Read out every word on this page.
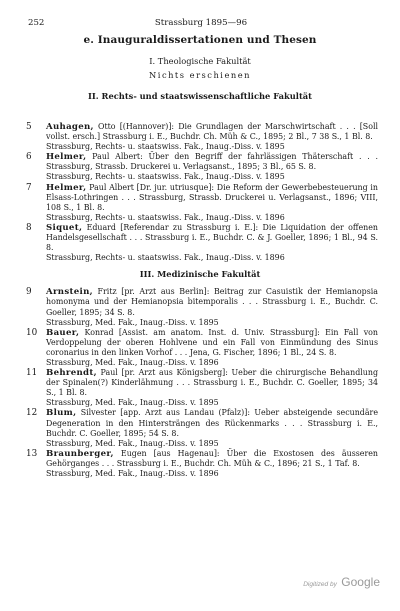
252	Strassburg 1895—96
e. Inauguraldissertationen und Thesen
I. Theologische Fakultät
Nichts erschienen
II. Rechts- und staatswissenschaftliche Fakultät
5 Auhagen, Otto [(Hannover)]: Die Grundlagen der Marschwirtschaft . . . [Soll vollst. ersch.] Strassburg i. E., Buchdr. Ch. Müh & C., 1895; 2 Bl., 7 38 S., 1 Bl. 8.
Strassburg, Rechts- u. staatswiss. Fak., Inaug.-Diss. v. 1895
6 Helmer, Paul Albert: Über den Begriff der fahrlässigen Thäterschaft . . . Strassburg, Strassb. Druckerei u. Verlagsanst., 1895; 3 Bl., 65 S. 8.
Strassburg, Rechts- u. staatswiss. Fak., Inaug.-Diss. v. 1895
7 Helmer, Paul Albert [Dr. jur. utriusque]: Die Reform der Gewerbebesteuerung in Elsass-Lothringen . . . Strassburg, Strassb. Druckerei u. Verlagsanst., 1896; VIII, 108 S., 1 Bl. 8.
Strassburg, Rechts- u. staatswiss. Fak., Inaug.-Diss. v. 1896
8 Siquet, Eduard [Referendar zu Strassburg i. E.]: Die Liquidation der offenen Handelsgesellschaft . . . Strassburg i. E., Buchdr. C. & J. Goeller, 1896; 1 Bl., 94 S. 8.
Strassburg, Rechts- u. staatswiss. Fak., Inaug.-Diss. v. 1896
III. Medizinische Fakultät
9 Arnstein, Fritz [pr. Arzt aus Berlin]: Beitrag zur Casuistik der Hemianopsia homonyma und der Hemianopsia bitemporalis . . . Strassburg i. E., Buchdr. C. Goeller, 1895; 34 S. 8.
Strassburg, Med. Fak., Inaug.-Diss. v. 1895
10 Bauer, Konrad [Assist. am anatom. Inst. d. Univ. Strassburg]: Ein Fall von Verdoppelung der oberen Hohlvene und ein Fall von Einmündung des Sinus coronarius in den linken Vorhof . . . Jena, G. Fischer, 1896; 1 Bl., 24 S. 8.
Strassburg, Med. Fak., Inaug.-Diss. v. 1896
11 Behrendt, Paul [pr. Arzt aus Königsberg]: Ueber die chirurgische Behandlung der Spinalen(?) Kinderlähmung . . . Strassburg i. E., Buchdr. C. Goeller, 1895; 34 S., 1 Bl. 8.
Strassburg, Med. Fak., Inaug.-Diss. v. 1895
12 Blum, Silvester [app. Arzt aus Landau (Pfalz)]: Ueber absteigende secundäre Degeneration in den Hintersträngen des Rückenmarks . . . Strassburg i. E., Buchdr. C. Goeller, 1895; 54 S. 8.
Strassburg, Med. Fak., Inaug.-Diss. v. 1895
13 Braunberger, Eugen [aus Hagenau]: Über die Exostosen des äusseren Gehörganges . . . Strassburg i. E., Buchdr. Ch. Müh & C., 1896; 21 S., 1 Taf. 8.
Strassburg, Med. Fak., Inaug.-Diss. v. 1896
Digitized by Google
